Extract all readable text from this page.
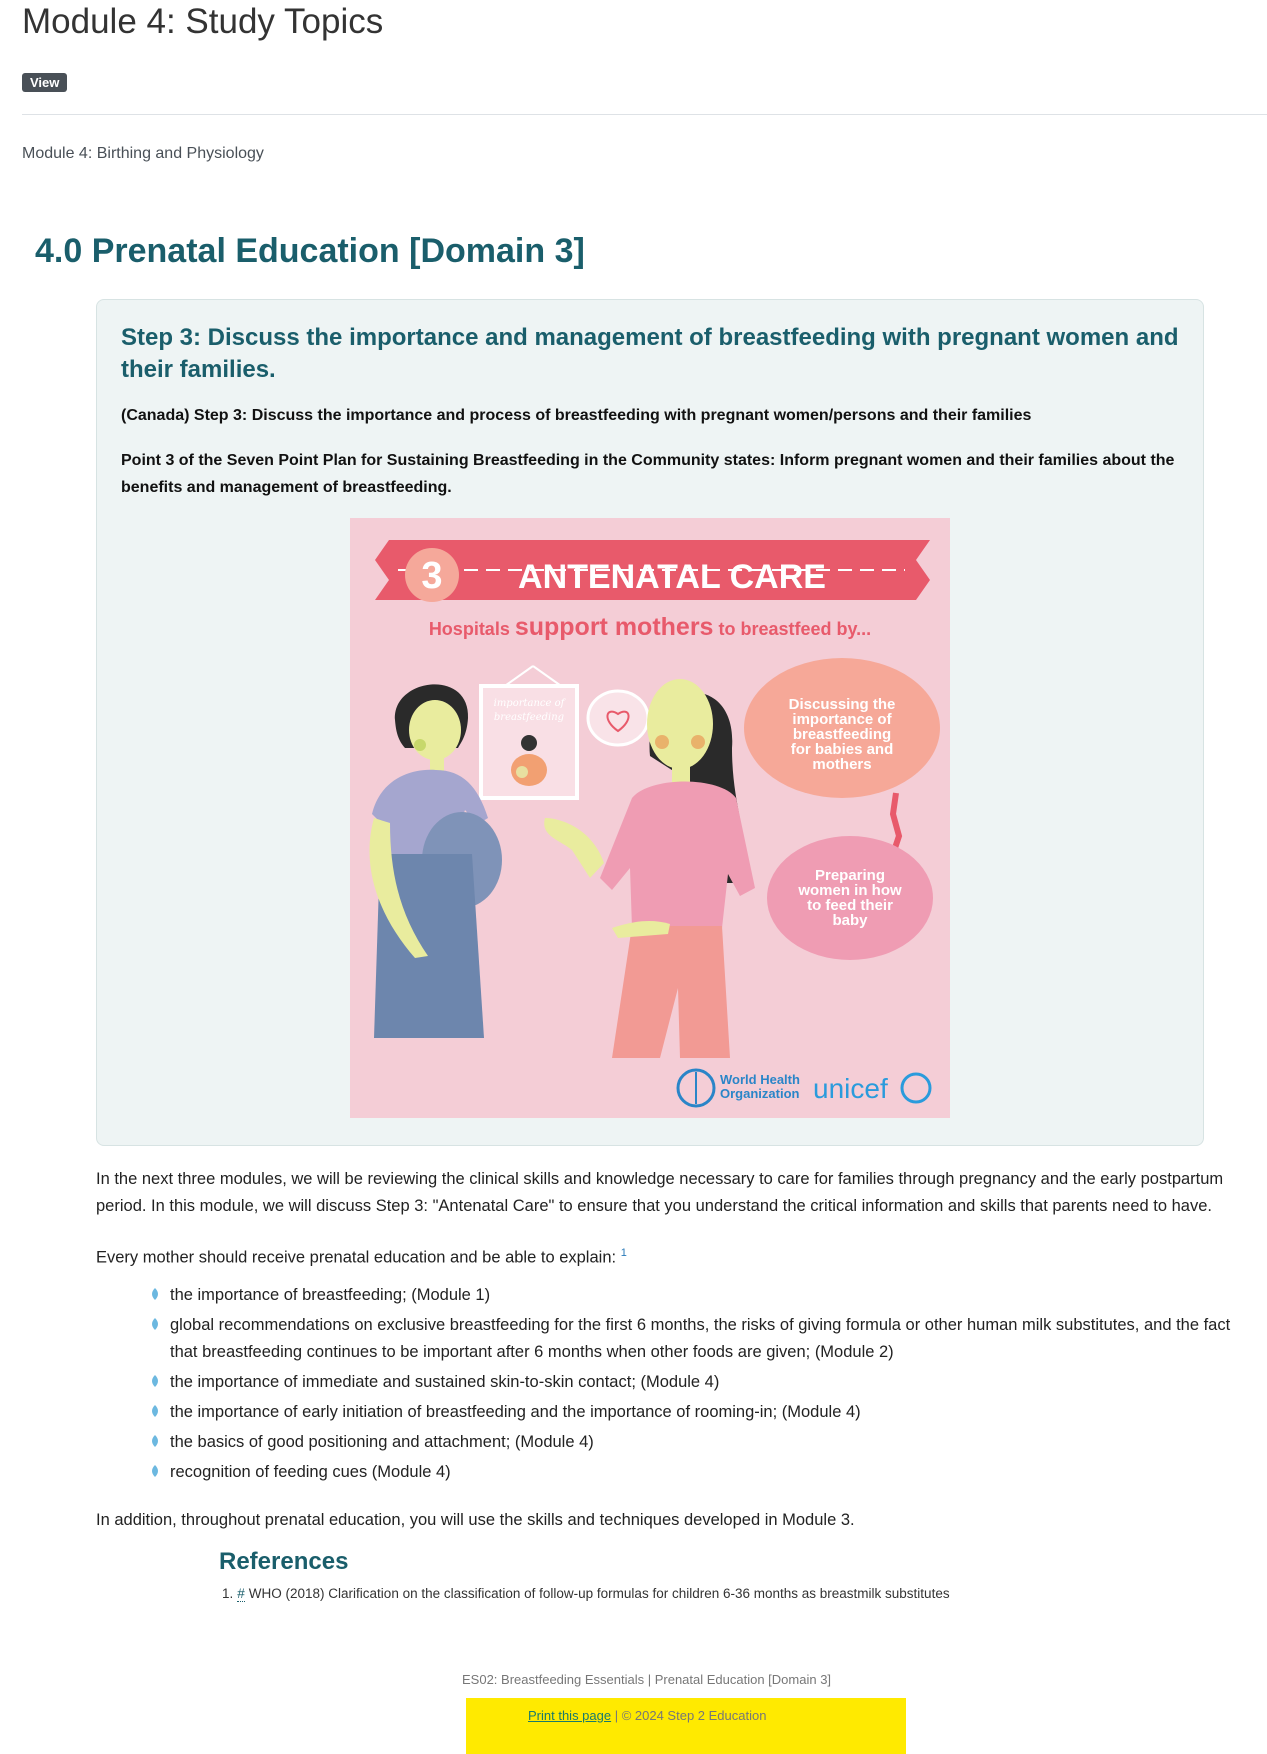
Module 4: Study Topics
View
Module 4: Birthing and Physiology
4.0 Prenatal Education [Domain 3]
Step 3: Discuss the importance and management of breastfeeding with pregnant women and their families.
(Canada) Step 3: Discuss the importance and process of breastfeeding with pregnant women/persons and their families
Point 3 of the Seven Point Plan for Sustaining Breastfeeding in the Community states: Inform pregnant women and their families about the benefits and management of breastfeeding.
3 ANTENATAL CARE
Hospitals support mothers to breastfeed by...
importance of
breastfeeding
Discussing the
importance of
breastfeeding
for babies and
mothers
Preparing
women in how
to feed their
baby
World Health
Organization unicef
In the next three modules, we will be reviewing the clinical skills and knowledge necessary to care for families through pregnancy and the early postpartum period. In this module, we will discuss Step 3: "Antenatal Care" to ensure that you understand the critical information and skills that parents need to have.
Every mother should receive prenatal education and be able to explain: $^1$
the importance of breastfeeding; (Module 1)
global recommendations on exclusive breastfeeding for the first 6 months, the risks of giving formula or other human milk substitutes, and the fact that breastfeeding continues to be important after 6 months when other foods are given; (Module 2)
the importance of immediate and sustained skin-to-skin contact; (Module 4)
the importance of early initiation of breastfeeding and the importance of rooming-in; (Module 4)
the basics of good positioning and attachment; (Module 4)
recognition of feeding cues (Module 4)
In addition, throughout prenatal education, you will use the skills and techniques developed in Module 3.
References
1. # WHO (2018) Clarification on the classification of follow-up formulas for children 6-36 months as breastmilk substitutes
ES02: Breastfeeding Essentials | Prenatal Education [Domain 3]
Print this page | © 2024 Step 2 Education
